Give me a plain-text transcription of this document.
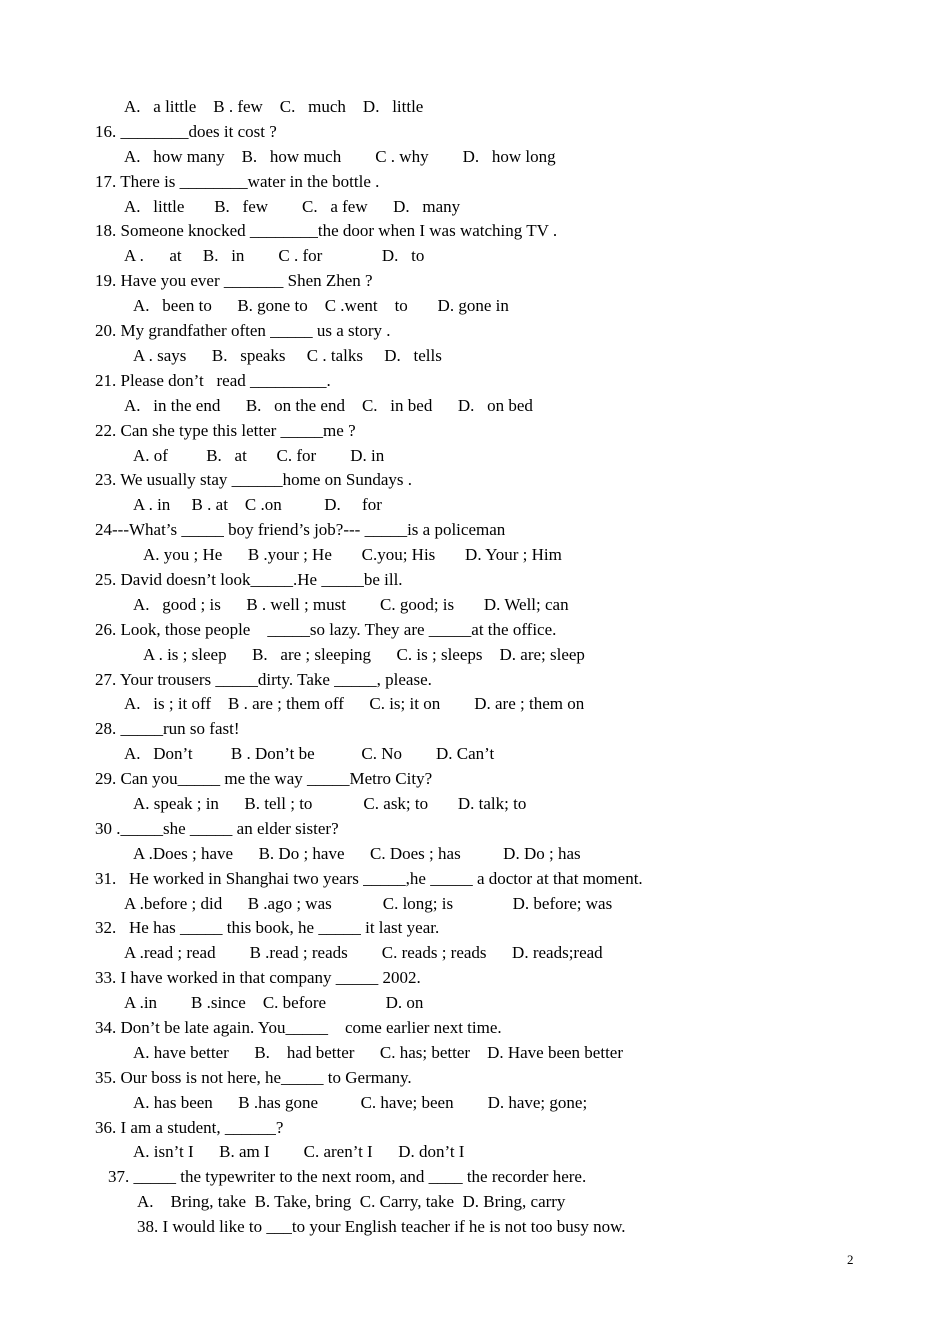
A.   a little    B . few    C.   much    D.   little
16. ________does it cost ?
A.   how many    B.   how much        C . why        D.   how long
17. There is ________water in the bottle .
A.   little       B.   few        C.   a few      D.   many
18. Someone knocked ________the door when I was watching TV .
A .      at     B.   in        C . for              D.   to
19. Have you ever _______ Shen Zhen ?
A.   been to      B. gone to    C .went    to       D. gone in
20. My grandfather often _____ us a story .
A . says      B.   speaks     C . talks     D.   tells
21. Please don’t   read _________.
A.   in the end      B.   on the end    C.   in bed      D.   on bed
22. Can she type this letter _____me ?
A. of         B.   at       C. for        D. in
23. We usually stay ______home on Sundays .
A . in     B . at    C .on          D.     for
24---What’s _____ boy friend’s job?--- _____is a policeman
A. you ; He      B .your ; He       C.you; His       D. Your ; Him
25. David doesn’t look_____.He _____be ill.
A.   good ; is      B . well ; must        C. good; is       D. Well; can
26. Look, those people    _____so lazy. They are _____at the office.
A . is ; sleep      B.   are ; sleeping      C. is ; sleeps    D. are; sleep
27. Your trousers _____dirty. Take _____, please.
A.   is ; it off    B . are ; them off      C. is; it on        D. are ; them on
28. _____run so fast!
A.   Don’t         B . Don’t be           C. No        D. Can’t
29. Can you_____ me the way _____Metro City?
A. speak ; in      B. tell ; to            C. ask; to       D. talk; to
30 ._____she _____ an elder sister?
A .Does ; have      B. Do ; have      C. Does ; has          D. Do ; has
31.   He worked in Shanghai two years _____,he _____ a doctor at that moment.
A .before ; did      B .ago ; was            C. long; is              D. before; was
32.   He has _____ this book, he _____ it last year.
A .read ; read        B .read ; reads        C. reads ; reads      D. reads;read
33. I have worked in that company _____ 2002.
A .in        B .since    C. before              D. on
34. Don’t be late again. You_____    come earlier next time.
A. have better      B.    had better      C. has; better    D. Have been better
35. Our boss is not here, he_____ to Germany.
A. has been      B .has gone          C. have; been        D. have; gone;
36. I am a student, ______?
A. isn’t I      B. am I        C. aren’t I      D. don’t I
37. _____ the typewriter to the next room, and ____ the recorder here.
A.    Bring, take  B. Take, bring  C. Carry, take  D. Bring, carry
38. I would like to ___to your English teacher if he is not too busy now.
2
